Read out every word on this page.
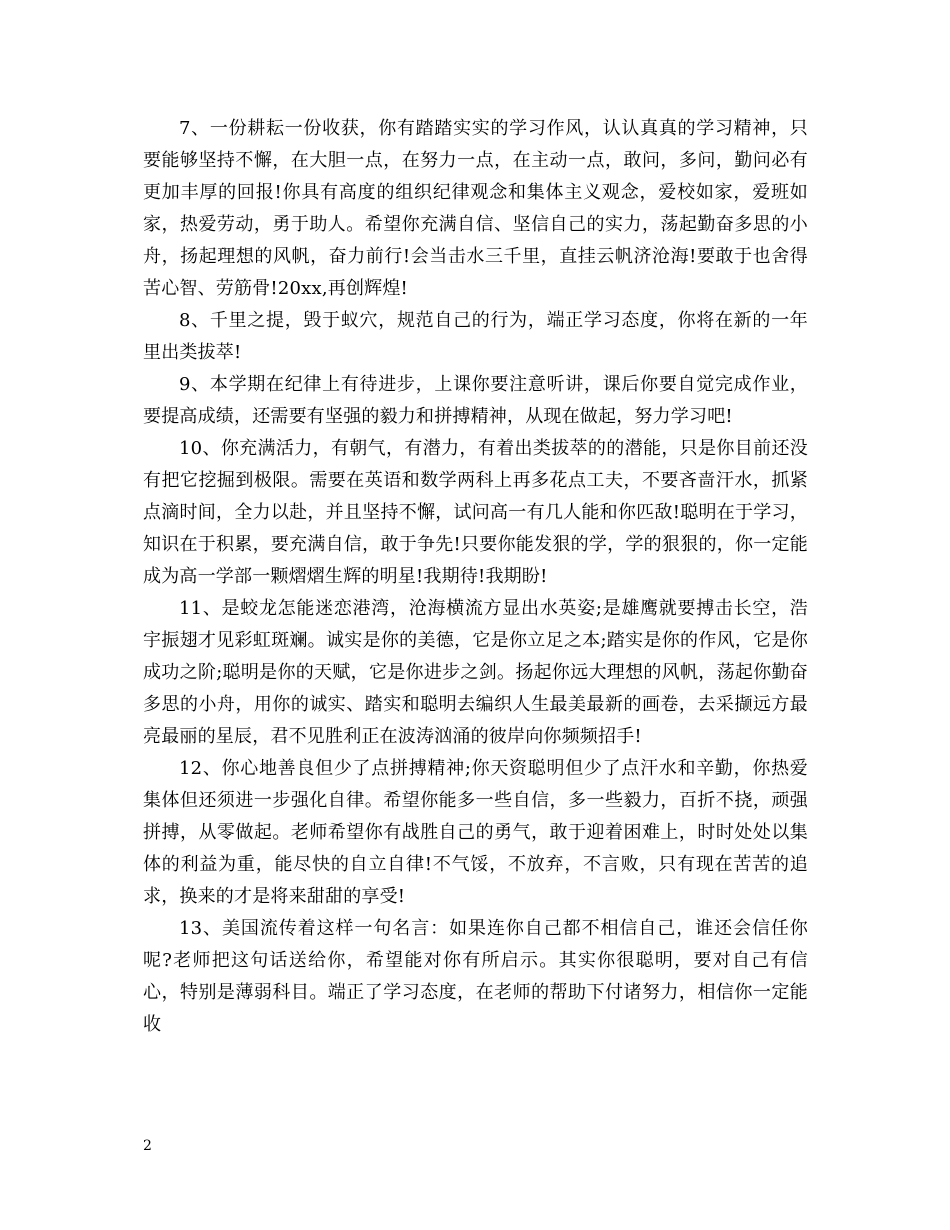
7、一份耕耘一份收获，你有踏踏实实的学习作风，认认真真的学习精神，只要能够坚持不懈，在大胆一点，在努力一点，在主动一点，敢问，多问，勤问必有更加丰厚的回报!你具有高度的组织纪律观念和集体主义观念，爱校如家，爱班如家，热爱劳动，勇于助人。希望你充满自信、坚信自己的实力，荡起勤奋多思的小舟，扬起理想的风帆，奋力前行!会当击水三千里，直挂云帆济沧海!要敢于也舍得苦心智、劳筋骨!20xx,再创辉煌!

8、千里之提，毁于蚁穴，规范自己的行为，端正学习态度，你将在新的一年里出类拔萃!

9、本学期在纪律上有待进步，上课你要注意听讲，课后你要自觉完成作业，要提高成绩，还需要有坚强的毅力和拼搏精神，从现在做起，努力学习吧!

10、你充满活力，有朝气，有潜力，有着出类拔萃的的潜能，只是你目前还没有把它挖掘到极限。需要在英语和数学两科上再多花点工夫，不要吝啬汗水，抓紧点滴时间，全力以赴，并且坚持不懈，试问高一有几人能和你匹敌!聪明在于学习，知识在于积累，要充满自信，敢于争先!只要你能发狠的学，学的狠狠的，你一定能成为高一学部一颗熠熠生辉的明星!我期待!我期盼!

11、是蛟龙怎能迷恋港湾，沧海横流方显出水英姿;是雄鹰就要搏击长空，浩宇振翅才见彩虹斑斓。诚实是你的美德，它是你立足之本;踏实是你的作风，它是你成功之阶;聪明是你的天赋，它是你进步之剑。扬起你远大理想的风帆，荡起你勤奋多思的小舟，用你的诚实、踏实和聪明去编织人生最美最新的画卷，去采撷远方最亮最丽的星辰，君不见胜利正在波涛汹涌的彼岸向你频频招手!

12、你心地善良但少了点拼搏精神;你天资聪明但少了点汗水和辛勤，你热爱集体但还须进一步强化自律。希望你能多一些自信，多一些毅力，百折不挠，顽强拼搏，从零做起。老师希望你有战胜自己的勇气，敢于迎着困难上，时时处处以集体的利益为重，能尽快的自立自律!不气馁，不放弃，不言败，只有现在苦苦的追求，换来的才是将来甜甜的享受!

13、美国流传着这样一句名言：如果连你自己都不相信自己，谁还会信任你呢?老师把这句话送给你，希望能对你有所启示。其实你很聪明，要对自己有信心，特别是薄弱科目。端正了学习态度，在老师的帮助下付诸努力，相信你一定能收

2
